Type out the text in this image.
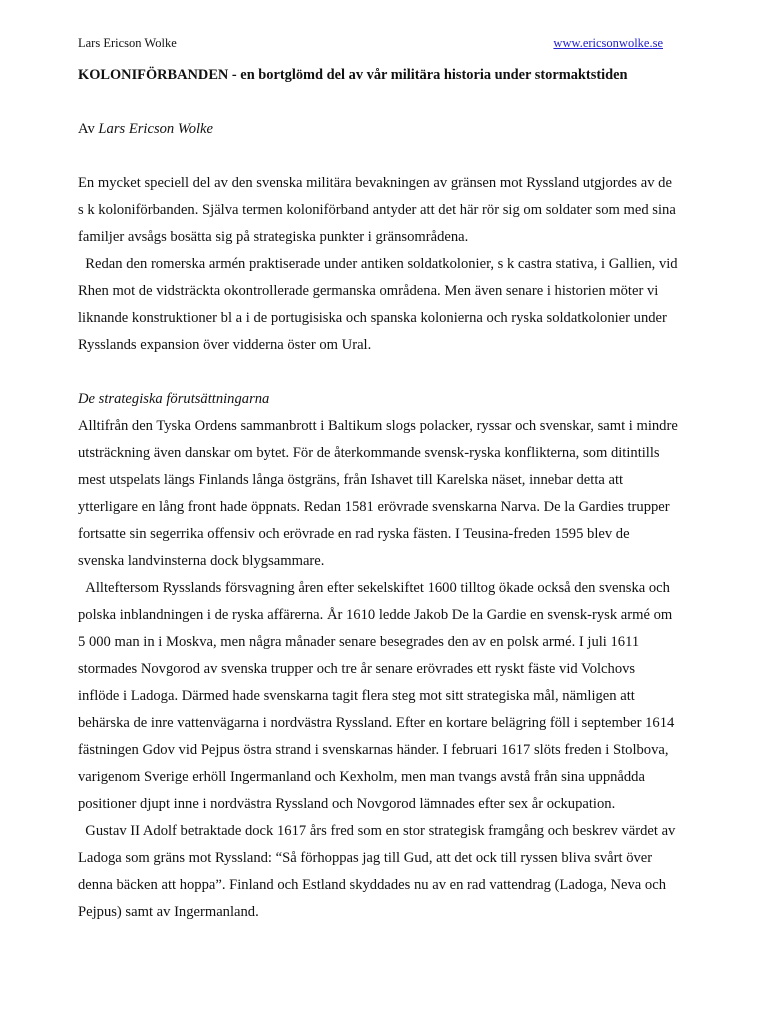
Lars Ericson Wolke	www.ericsonwolke.se
KOLONIFÖRBANDEN - en bortglömd del av vår militära historia under stormaktstiden

Av Lars Ericson Wolke

En mycket speciell del av den svenska militära bevakningen av gränsen mot Ryssland utgjordes av de s k koloniförbanden. Själva termen koloniförband antyder att det här rör sig om soldater som med sina familjer avsågs bosätta sig på strategiska punkter i gränsområdena.

Redan den romerska armén praktiserade under antiken soldatkolonier, s k castra stativa, i Gallien, vid Rhen mot de vidsträckta okontrollerade germanska områdena. Men även senare i historien möter vi liknande konstruktioner bl a i de portugisiska och spanska kolonierna och ryska soldatkolonier under Rysslands expansion över vidderna öster om Ural.

De strategiska förutsättningarna

Alltifrån den Tyska Ordens sammanbrott i Baltikum slogs polacker, ryssar och svenskar, samt i mindre utsträckning även danskar om bytet. För de återkommande svensk-ryska konflikterna, som ditintills mest utspelats längs Finlands långa östgräns, från Ishavet till Karelska näset, innebar detta att ytterligare en lång front hade öppnats. Redan 1581 erövrade svenskarna Narva. De la Gardies trupper fortsatte sin segerrika offensiv och erövrade en rad ryska fästen. I Teusina-freden 1595 blev de svenska landvinsterna dock blygsammare.

Allteftersom Rysslands försvagning åren efter sekelskiftet 1600 tilltog ökade också den svenska och polska inblandningen i de ryska affärerna. År 1610 ledde Jakob De la Gardie en svensk-rysk armé om 5 000 man in i Moskva, men några månader senare besegrades den av en polsk armé. I juli 1611 stormades Novgorod av svenska trupper och tre år senare erövrades ett ryskt fäste vid Volchovs inflöde i Ladoga. Därmed hade svenskarna tagit flera steg mot sitt strategiska mål, nämligen att behärska de inre vattenvägarna i nordvästra Ryssland. Efter en kortare belägring föll i september 1614 fästningen Gdov vid Pejpus östra strand i svenskarnas händer. I februari 1617 slöts freden i Stolbova, varigenom Sverige erhöll Ingermanland och Kexholm, men man tvangs avstå från sina uppnådda positioner djupt inne i nordvästra Ryssland och Novgorod lämnades efter sex år ockupation.

Gustav II Adolf betraktade dock 1617 års fred som en stor strategisk framgång och beskrev värdet av Ladoga som gräns mot Ryssland: “Så förhoppas jag till Gud, att det ock till ryssen bliva svårt över denna bäcken att hoppa”. Finland och Estland skyddades nu av en rad vattendrag (Ladoga, Neva och Pejpus) samt av Ingermanland.
